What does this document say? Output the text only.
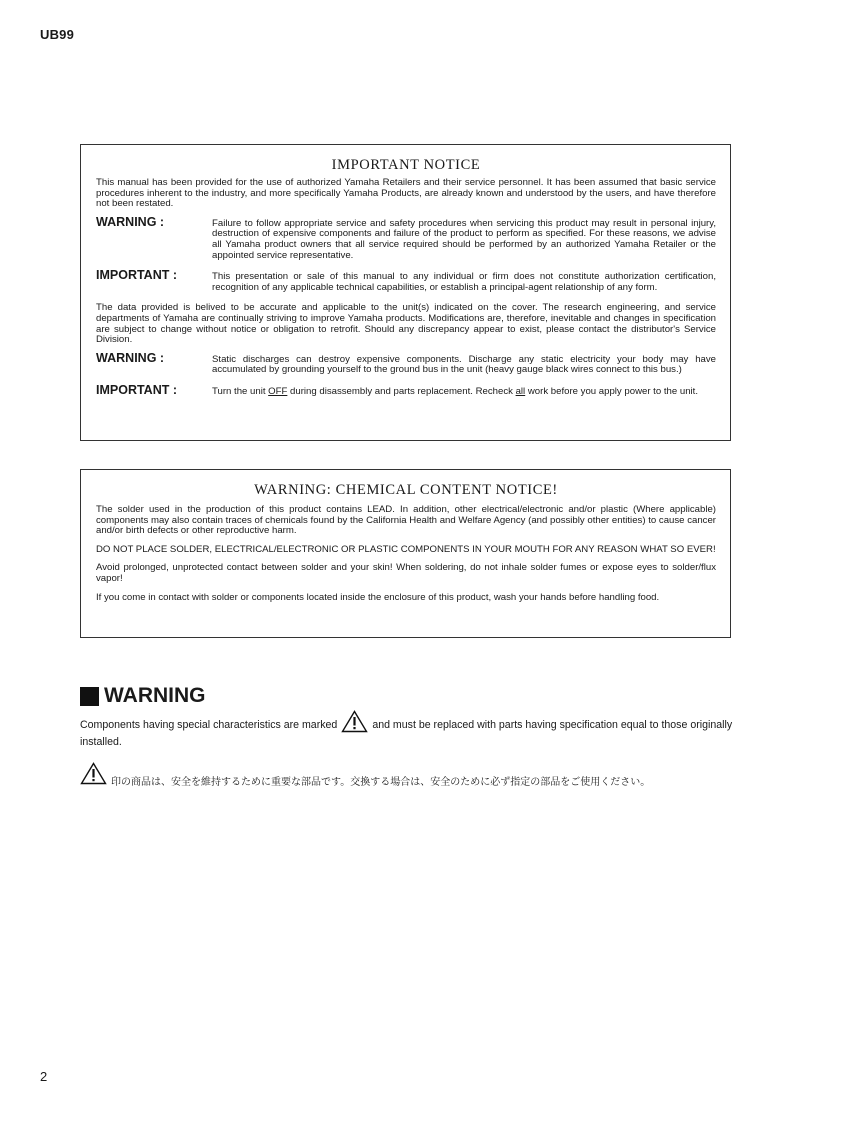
UB99
IMPORTANT NOTICE
This manual has been provided for the use of authorized Yamaha Retailers and their service personnel. It has been assumed that basic service procedures inherent to the industry, and more specifically Yamaha Products, are already known and understood by the users, and have therefore not been restated.
WARNING :	Failure to follow appropriate service and safety procedures when servicing this product may result in personal injury, destruction of expensive components and failure of the product to perform as specified. For these reasons, we advise all Yamaha product owners that all service required should be performed by an authorized Yamaha Retailer or the appointed service representative.
IMPORTANT :	This presentation or sale of this manual to any individual or firm does not constitute authorization certification, recognition of any applicable technical capabilities, or establish a principal-agent relationship of any form.
The data provided is belived to be accurate and applicable to the unit(s) indicated on the cover. The research engineering, and service departments of Yamaha are continually striving to improve Yamaha products. Modifications are, therefore, inevitable and changes in specification are subject to change without notice or obligation to retrofit. Should any discrepancy appear to exist, please contact the distributor's Service Division.
WARNING :	Static discharges can destroy expensive components. Discharge any static electricity your body may have accumulated by grounding yourself to the ground bus in the unit (heavy gauge black wires connect to this bus.)
IMPORTANT :	Turn the unit OFF during disassembly and parts replacement. Recheck all work before you apply power to the unit.
WARNING: CHEMICAL CONTENT NOTICE!
The solder used in the production of this product contains LEAD. In addition, other electrical/electronic and/or plastic (Where applicable) components may also contain traces of chemicals found by the California Health and Welfare Agency (and possibly other entities) to cause cancer and/or birth defects or other reproductive harm.
DO NOT PLACE SOLDER, ELECTRICAL/ELECTRONIC OR PLASTIC COMPONENTS IN YOUR MOUTH FOR ANY REASON WHAT SO EVER!
Avoid prolonged, unprotected contact between solder and your skin! When soldering, do not inhale solder fumes or expose eyes to solder/flux vapor!
If you come in contact with solder or components located inside the enclosure of this product, wash your hands before handling food.
WARNING
Components having special characteristics are marked	and must be replaced with parts having specification equal to those originally installed.
印の商品は、安全を維持するために重要な部品です。交換する場合は、安全のために必ず指定の部品をご使用ください。
2
